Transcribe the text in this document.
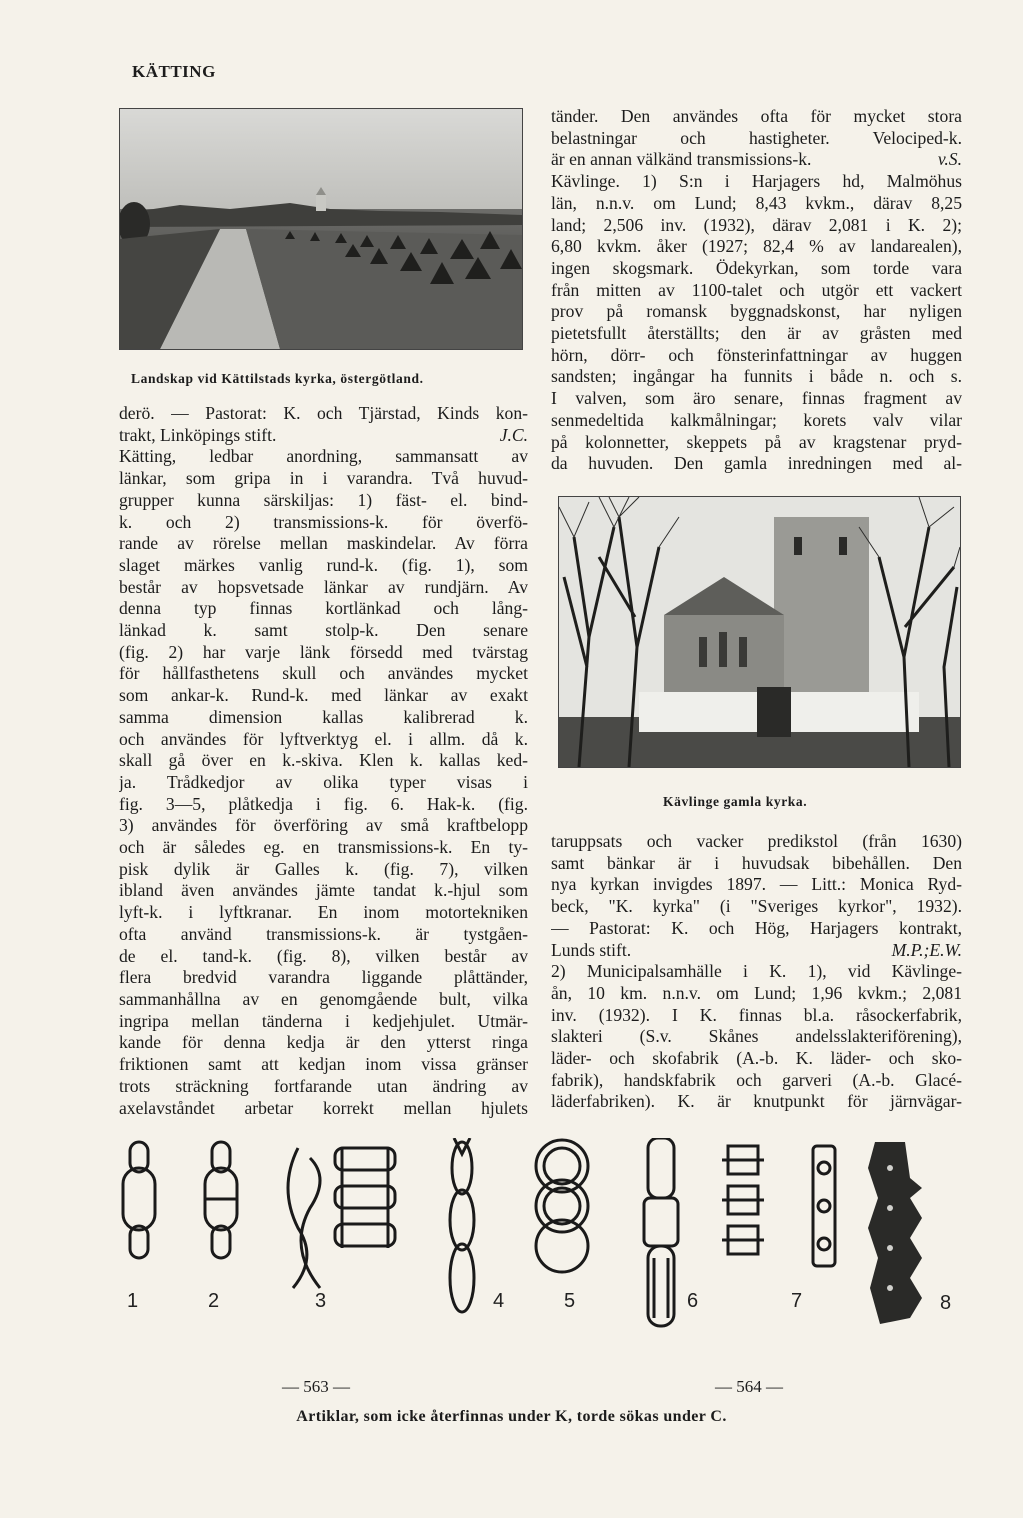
KÄTTING
Landskap vid Kättilstads kyrka, östergötland.
derö. — Pastorat: K. och Tjärstad, Kinds kon-
trakt, Linköpings stift.	J.C.
Kätting, ledbar anordning, sammansatt av
länkar, som gripa in i varandra. Två huvud-
grupper kunna särskiljas: 1) fäst- el. bind-
k. och 2) transmissions-k. för överfö-
rande av rörelse mellan maskindelar. Av förra
slaget märkes vanlig rund-k. (fig. 1), som
består av hopsvetsade länkar av rundjärn. Av
denna typ finnas kortlänkad och lång-
länkad k. samt stolp-k. Den senare
(fig. 2) har varje länk försedd med tvärstag
för hållfasthetens skull och användes mycket
som ankar-k. Rund-k. med länkar av exakt
samma dimension kallas kalibrerad k.
och användes för lyftverktyg el. i allm. då k.
skall gå över en k.-skiva. Klen k. kallas ked-
ja. Trådkedjor av olika typer visas i
fig. 3—5, plåtkedja i fig. 6. Hak-k. (fig.
3) användes för överföring av små kraftbelopp
och är således eg. en transmissions-k. En ty-
pisk dylik är Galles k. (fig. 7), vilken
ibland även användes jämte tandat k.-hjul som
lyft-k. i lyftkranar. En inom motortekniken
ofta använd transmissions-k. är tystgåen-
de el. tand-k. (fig. 8), vilken består av
flera bredvid varandra liggande plåttänder,
sammanhållna av en genomgående bult, vilka
ingripa mellan tänderna i kedjehjulet. Utmär-
kande för denna kedja är den ytterst ringa
friktionen samt att kedjan inom vissa gränser
trots sträckning fortfarande utan ändring av
axelavståndet arbetar korrekt mellan hjulets
tänder. Den användes ofta för mycket stora
belastningar och hastigheter. Velociped-k.
är en annan välkänd transmissions-k.	v.S.
Kävlinge. 1) S:n i Harjagers hd, Malmöhus
län, n.n.v. om Lund; 8,43 kvkm., därav 8,25
land; 2,506 inv. (1932), därav 2,081 i K. 2);
6,80 kvkm. åker (1927; 82,4 % av landarealen),
ingen skogsmark. Ödekyrkan, som torde vara
från mitten av 1100-talet och utgör ett vackert
prov på romansk byggnadskonst, har nyligen
pietetsfullt återställts; den är av gråsten med
hörn, dörr- och fönsterinfattningar av huggen
sandsten; ingångar ha funnits i både n. och s.
I valven, som äro senare, finnas fragment av
senmedeltida kalkmålningar; korets valv vilar
på kolonnetter, skeppets på av kragstenar pryd-
da huvuden. Den gamla inredningen med al-
Kävlinge gamla kyrka.
taruppsats och vacker predikstol (från 1630)
samt bänkar är i huvudsak bibehållen. Den
nya kyrkan invigdes 1897. — Litt.: Monica Ryd-
beck, "K. kyrka" (i "Sveriges kyrkor", 1932).
— Pastorat: K. och Hög, Harjagers kontrakt,
Lunds stift.	M.P.;E.W.
2) Municipalsamhälle i K. 1), vid Kävlinge-
ån, 10 km. n.n.v. om Lund; 1,96 kvkm.; 2,081
inv. (1932). I K. finnas bl.a. råsockerfabrik,
slakteri (S.v. Skånes andelsslakteriförening),
läder- och skofabrik (A.-b. K. läder- och sko-
fabrik), handskfabrik och garveri (A.-b. Glacé-
läderfabriken). K. är knutpunkt för järnvägar-
1	2	3	4	5	6	7	8
— 563 —	— 564 —
Artiklar, som icke återfinnas under K, torde sökas under C.
